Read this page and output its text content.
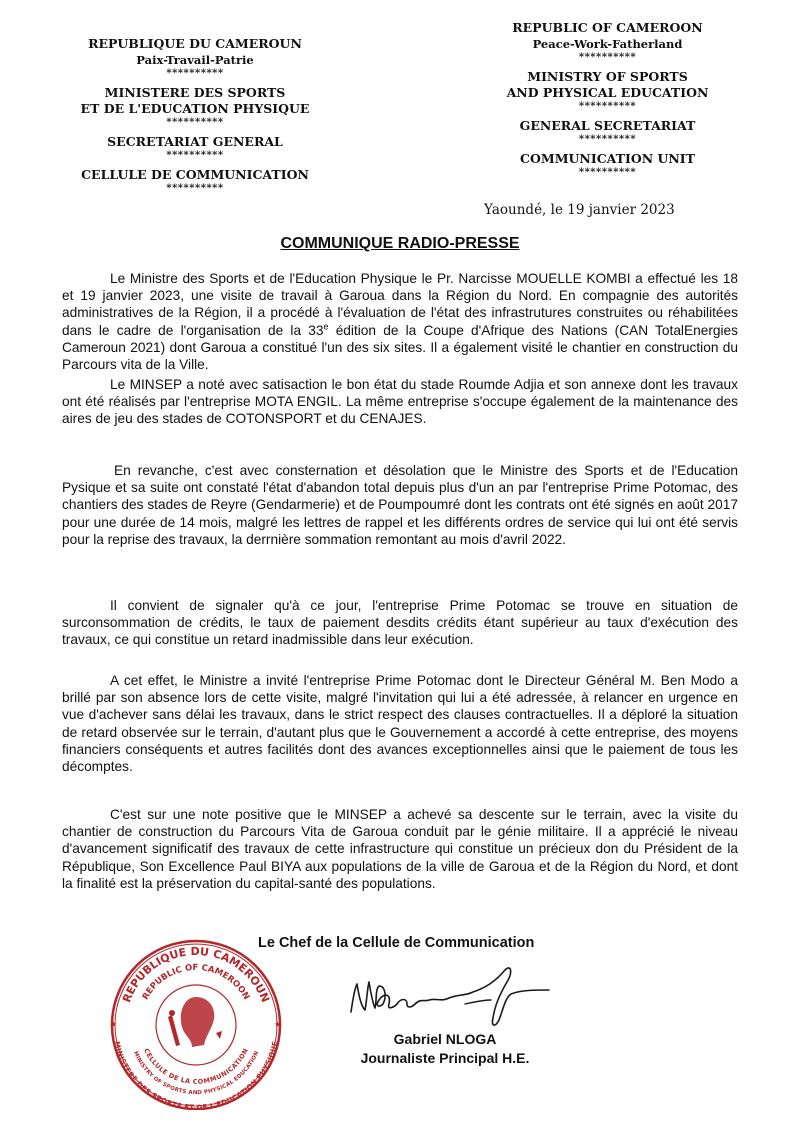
REPUBLIQUE DU CAMEROUN
Paix-Travail-Patrie
**********
MINISTERE DES SPORTS
ET DE L'EDUCATION PHYSIQUE
**********
SECRETARIAT GENERAL
**********
CELLULE DE COMMUNICATION
**********
REPUBLIC OF CAMEROON
Peace-Work-Fatherland
**********
MINISTRY OF SPORTS
AND PHYSICAL EDUCATION
**********
GENERAL SECRETARIAT
**********
COMMUNICATION UNIT
**********
Yaoundé, le 19 janvier 2023
COMMUNIQUE RADIO-PRESSE

Le Ministre des Sports et de l'Education Physique le Pr. Narcisse MOUELLE KOMBI a effectué les 18 et 19 janvier 2023, une visite de travail à Garoua dans la Région du Nord. En compagnie des autorités administratives de la Région, il a procédé à l'évaluation de l'état des infrastrutures construites ou réhabilitées dans le cadre de l'organisation de la 33e édition de la Coupe d'Afrique des Nations (CAN TotalEnergies Cameroun 2021) dont Garoua a constitué l'un des six sites. Il a également visité le chantier en construction du Parcours vita de la Ville.

Le MINSEP a noté avec satisaction le bon état du stade Roumde Adjia et son annexe dont les travaux ont été réalisés par l'entreprise MOTA ENGIL. La même entreprise s'occupe également de la maintenance des aires de jeu des stades de COTONSPORT et du CENAJES.

En revanche, c'est avec consternation et désolation que le Ministre des Sports et de l'Education Pysique et sa suite ont constaté l'état d'abandon total depuis plus d'un an par l'entreprise Prime Potomac, des chantiers des stades de Reyre (Gendarmerie) et de Poumpoumré dont les contrats ont été signés en août 2017 pour une durée de 14 mois, malgré les lettres de rappel et les différents ordres de service qui lui ont été servis pour la reprise des travaux, la derrnière sommation remontant au mois d'avril 2022.

Il convient de signaler qu'à ce jour, l'entreprise Prime Potomac se trouve en situation de surconsommation de crédits, le taux de paiement desdits crédits étant supérieur au taux d'exécution des travaux, ce qui constitue un retard inadmissible dans leur exécution.

A cet effet, le Ministre a invité l'entreprise Prime Potomac dont le Directeur Général M. Ben Modo a brillé par son absence lors de cette visite, malgré l'invitation qui lui a été adressée, à relancer en urgence en vue d'achever sans délai les travaux, dans le strict respect des clauses contractuelles. Il a déploré la situation de retard observée sur le terrain, d'autant plus que le Gouvernement a accordé à cette entreprise, des moyens financiers conséquents et autres facilités dont des avances exceptionnelles ainsi que le paiement de tous les décomptes.

C'est sur une note positive que le MINSEP a achevé sa descente sur le terrain, avec la visite du chantier de construction du Parcours Vita de Garoua conduit par le génie militaire. Il a apprécié le niveau d'avancement significatif des travaux de cette infrastructure qui constitue un précieux don du Président de la République, Son Excellence Paul BIYA aux populations de la ville de Garoua et de la Région du Nord, et dont la finalité est la préservation du capital-santé des populations.

Le Chef de la Cellule de Communication
REPUBLIQUE DU CAMEROUN
REPUBLIC OF CAMEROON
MINISTERE DES SPORTS ET DE L'EDUCATION PHYSIQUE
MINISTRY OF SPORTS AND PHYSICAL EDUCATION
CELLULE DE LA COMMUNICATION
★	★
Gabriel NLOGA
Journaliste Principal H.E.
